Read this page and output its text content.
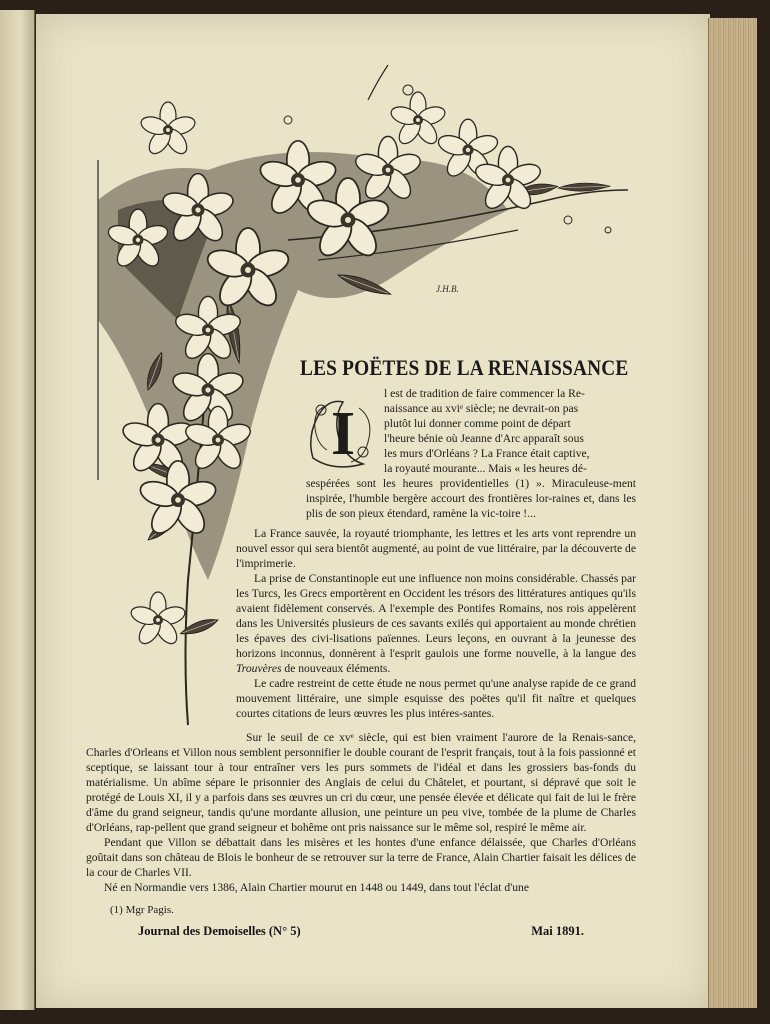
J.H.B.
LES POËTES DE LA RENAISSANCE
I
l est de tradition de faire commencer la Re-
naissance au xviᵉ siècle; ne devrait-on pas
plutôt lui donner comme point de départ
l'heure bénie où Jeanne d'Arc apparaît sous
les murs d'Orléans ? La France était captive,
la royauté mourante... Mais « les heures dé-
sespérées sont les heures providentielles (1) ». Miraculeuse-ment inspirée, l'humble bergère accourt des frontières lor-raines et, dans les plis de son pieux étendard, ramène la vic-toire !...

La France sauvée, la royauté triomphante, les lettres et les arts vont reprendre un nouvel essor qui sera bientôt augmenté, au point de vue littéraire, par la découverte de l'imprimerie.

La prise de Constantinople eut une influence non moins considérable. Chassés par les Turcs, les Grecs emportèrent en Occident les trésors des littératures antiques qu'ils avaient fidèlement conservés. A l'exemple des Pontifes Romains, nos rois appelèrent dans les Universités plusieurs de ces savants exilés qui apportaient au monde chrétien les épaves des civi-lisations païennes. Leurs leçons, en ouvrant à la jeunesse des horizons inconnus, donnèrent à l'esprit gaulois une forme nouvelle, à la langue des Trouvères de nouveaux éléments.

Le cadre restreint de cette étude ne nous permet qu'une analyse rapide de ce grand mouvement littéraire, une simple esquisse des poëtes qu'il fit naître et quelques courtes citations de leurs œuvres les plus intéres-santes.

Sur le seuil de ce xvᵉ siècle, qui est bien vraiment l'aurore de la Renais-sance, Charles d'Orleans et Villon nous semblent personnifier le double courant de l'esprit français, tout à la fois passionné et sceptique, se laissant tour à tour entraîner vers les purs sommets de l'idéal et dans les grossiers bas-fonds du matérialisme. Un abîme sépare le prisonnier des Anglais de celui du Châtelet, et pourtant, si dépravé que soit le protégé de Louis XI, il y a parfois dans ses œuvres un cri du cœur, une pensée élevée et délicate qui fait de lui le frère d'âme du grand seigneur, tandis qu'une mordante allusion, une peinture un peu vive, tombée de la plume de Charles d'Orléans, rap-pellent que grand seigneur et bohême ont pris naissance sur le même sol, respiré le même air.

Pendant que Villon se débattait dans les misères et les hontes d'une enfance délaissée, que Charles d'Orléans goûtait dans son château de Blois le bonheur de se retrouver sur la terre de France, Alain Chartier faisait les délices de la cour de Charles VII.

Né en Normandie vers 1386, Alain Chartier mourut en 1448 ou 1449, dans tout l'éclat d'une

(1) Mgr Pagis.
Journal des Demoiselles (N° 5)	Mai 1891.
